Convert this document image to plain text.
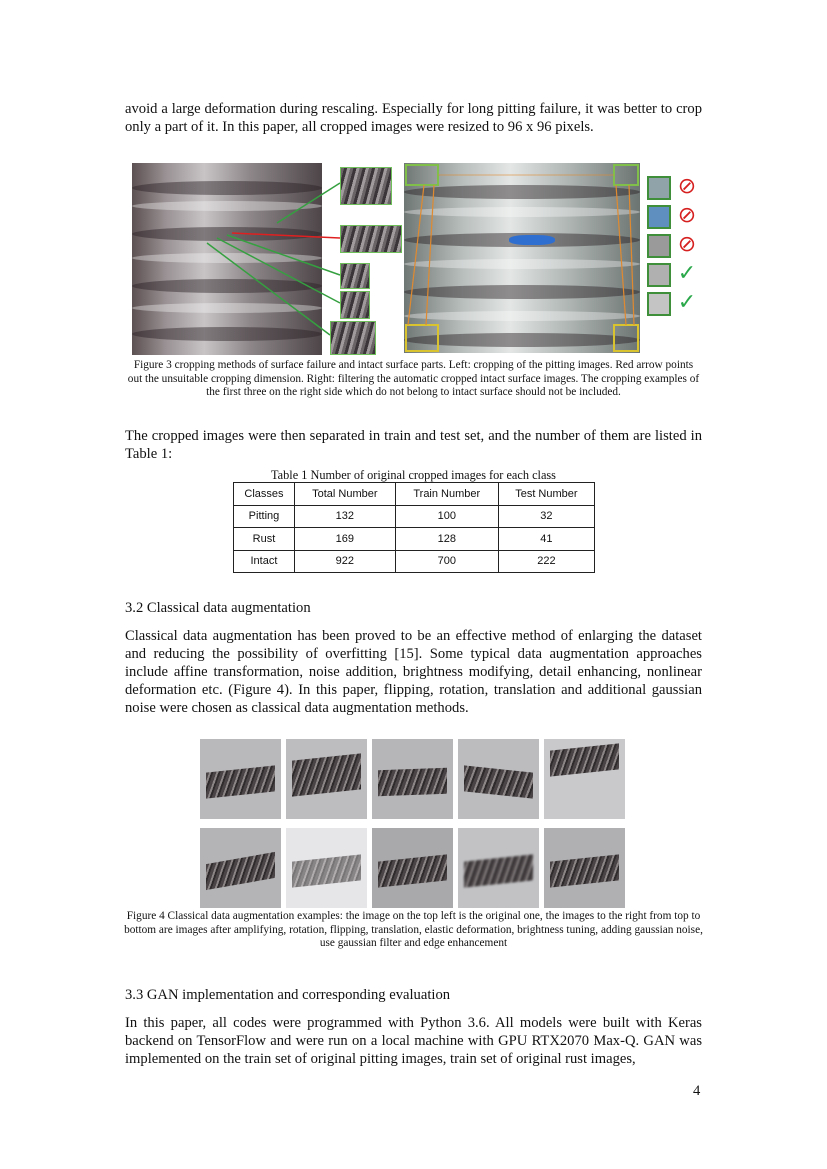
avoid a large deformation during rescaling. Especially for long pitting failure, it was better to crop only a part of it. In this paper, all cropped images were resized to 96 x 96 pixels.

⊘
⊘
⊘
✓
✓

Figure 3 cropping methods of surface failure and intact surface parts. Left: cropping of the pitting images. Red arrow points out the unsuitable cropping dimension. Right: filtering the automatic cropped intact surface images. The cropping examples of the first three on the right side which do not belong to intact surface should not be included.

The cropped images were then separated in train and test set, and the number of them are listed in Table 1:

Table 1 Number of original cropped images for each class

Classes	Total Number	Train Number	Test Number
Pitting	132	100	32
Rust	169	128	41
Intact	922	700	222

3.2 Classical data augmentation

Classical data augmentation has been proved to be an effective method of enlarging the dataset and reducing the possibility of overfitting [15]. Some typical data augmentation approaches include affine transformation, noise addition, brightness modifying, detail enhancing, nonlinear deformation etc. (Figure 4). In this paper, flipping, rotation, translation and additional gaussian noise were chosen as classical data augmentation methods.

Figure 4 Classical data augmentation examples: the image on the top left is the original one, the images to the right from top to bottom are images after amplifying, rotation, flipping, translation, elastic deformation, brightness tuning, adding gaussian noise, use gaussian filter and edge enhancement

3.3 GAN implementation and corresponding evaluation

In this paper, all codes were programmed with Python 3.6. All models were built with Keras backend on TensorFlow and were run on a local machine with GPU RTX2070 Max-Q. GAN was implemented on the train set of original pitting images, train set of original rust images,

4
